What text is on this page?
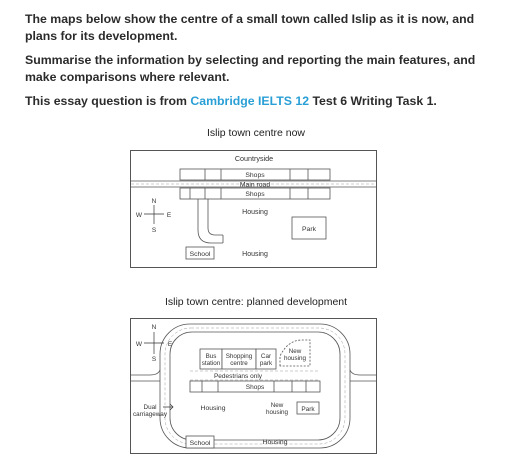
The maps below show the centre of a small town called Islip as it is now, and plans for its development.

Summarise the information by selecting and reporting the main features, and make comparisons where relevant.

This essay question is from Cambridge IELTS 12 Test 6 Writing Task 1.

Islip town centre now
Countryside
Shops
Main road
Shops
N
S
W	E	Housing
Park
School	Housing
Islip town centre: planned development
N
S
W	E
Bus
station
Shopping
centre
Car
park
New
housing
Pedestrians only
Shops
Dual
carriageway
Housing	New
housing Park
School	Housing
